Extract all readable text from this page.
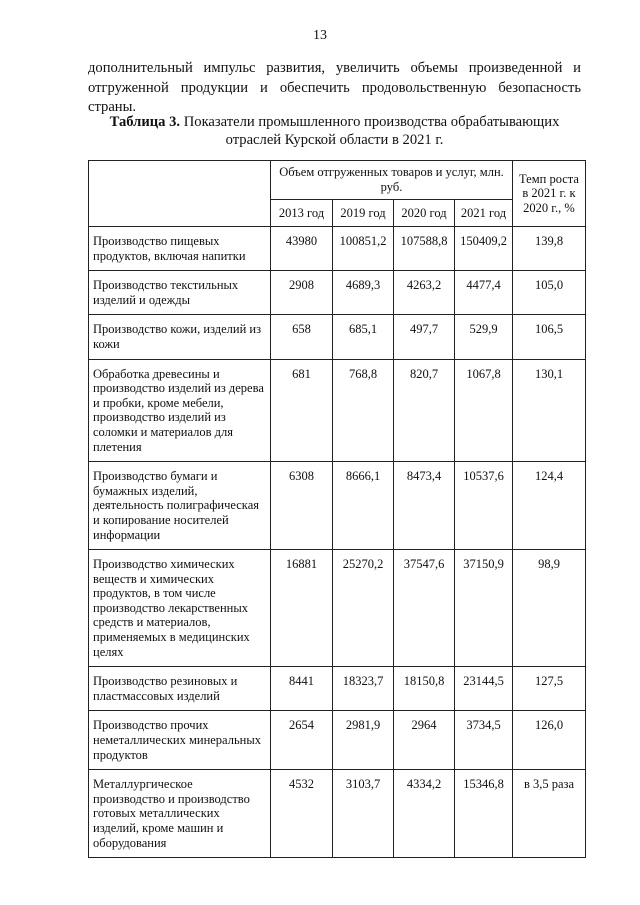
13
дополнительный импульс развития, увеличить объемы произведенной и отгруженной продукции и обеспечить продовольственную безопасность страны.
Таблица 3. Показатели промышленного производства обрабатывающих отраслей Курской области в 2021 г.
	Объем отгруженных товаров и услуг, млн. руб.				Темп роста в 2021 г. к 2020 г., %
	2013 год	2019 год	2020 год	2021 год	
Производство пищевых продуктов, включая напитки	43980	100851,2	107588,8	150409,2	139,8
Производство текстильных изделий и одежды	2908	4689,3	4263,2	4477,4	105,0
Производство кожи, изделий из кожи	658	685,1	497,7	529,9	106,5
Обработка древесины и производство изделий из дерева и пробки, кроме мебели, производство изделий из соломки и материалов для плетения	681	768,8	820,7	1067,8	130,1
Производство бумаги и бумажных изделий, деятельность полиграфическая и копирование носителей информации	6308	8666,1	8473,4	10537,6	124,4
Производство химических веществ и химических продуктов, в том числе производство лекарственных средств и материалов, применяемых в медицинских целях	16881	25270,2	37547,6	37150,9	98,9
Производство резиновых и пластмассовых изделий	8441	18323,7	18150,8	23144,5	127,5
Производство прочих неметаллических минеральных продуктов	2654	2981,9	2964	3734,5	126,0
Металлургическое производство и производство готовых металлических изделий, кроме машин и оборудования	4532	3103,7	4334,2	15346,8	в 3,5 раза
